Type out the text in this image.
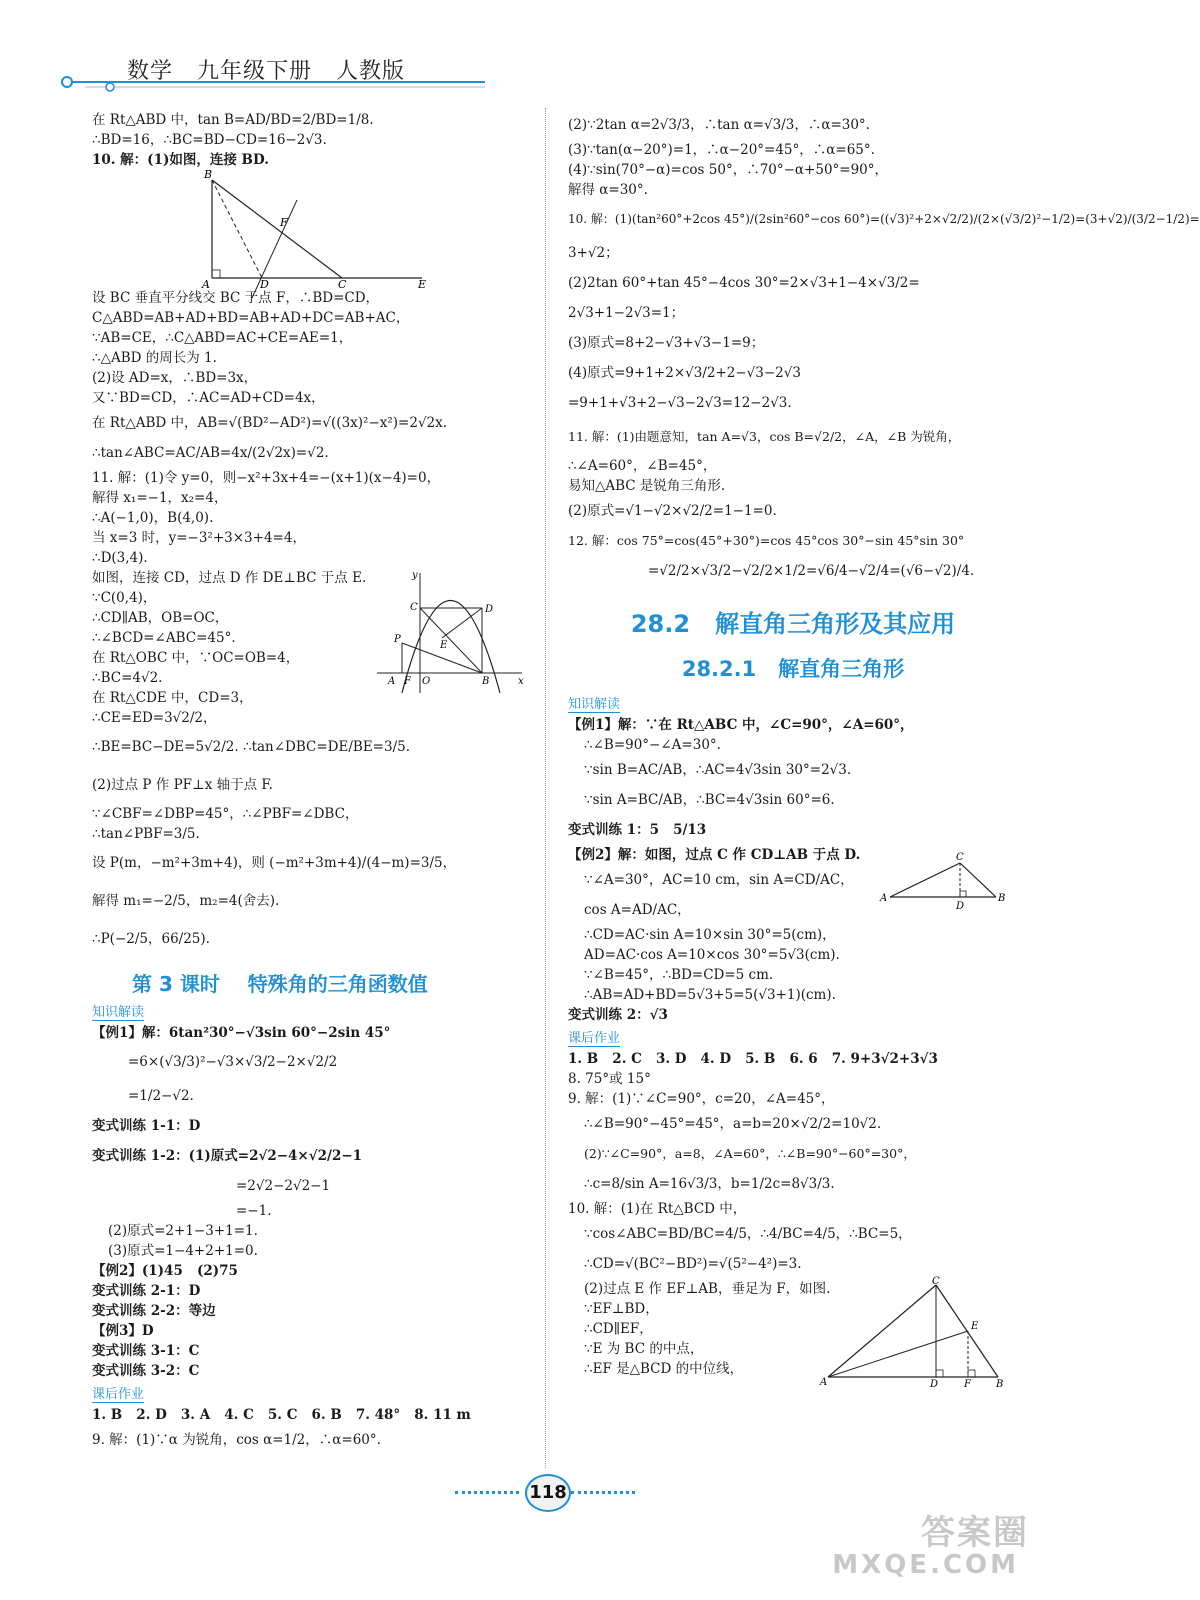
数学   九年级下册   人教版

在 Rt△ABD 中，tan B=AD/BD=2/BD=1/8.

∴BD=16，∴BC=BD−CD=16−2√3.

10. 解：(1)如图，连接 BD.

B
F
A	D	C	E

设 BC 垂直平分线交 BC 于点 F，∴BD=CD，

C△ABD=AB+AD+BD=AB+AD+DC=AB+AC，

∵AB=CE，∴C△ABD=AC+CE=AE=1，

∴△ABD 的周长为 1.

(2)设 AD=x，∴BD=3x，

又∵BD=CD，∴AC=AD+CD=4x，

在 Rt△ABD 中，AB=√(BD²−AD²)=√((3x)²−x²)=2√2x.

∴tan∠ABC=AC/AB=4x/(2√2x)=√2.

11. 解：(1)令 y=0，则−x²+3x+4=−(x+1)(x−4)=0，

解得 x₁=−1，x₂=4，

∴A(−1,0)，B(4,0).

当 x=3 时，y=−3²+3×3+4=4，

∴D(3,4).

如图，连接 CD，过点 D 作 DE⊥BC 于点 E.

∵C(0,4)，

∴CD∥AB，OB=OC，

∴∠BCD=∠ABC=45°.

在 Rt△OBC 中，∵OC=OB=4，

∴BC=4√2.

在 Rt△CDE 中，CD=3，

y
C	D
E
P
A F O	B	x

∴CE=ED=3√2/2，

∴BE=BC−DE=5√2/2. ∴tan∠DBC=DE/BE=3/5.

(2)过点 P 作 PF⊥x 轴于点 F.

∵∠CBF=∠DBP=45°，∴∠PBF=∠DBC，

∴tan∠PBF=3/5.

设 P(m，−m²+3m+4)，则 (−m²+3m+4)/(4−m)=3/5，

解得 m₁=−2/5，m₂=4(舍去).

∴P(−2/5，66/25).

第 3 课时    特殊角的三角函数值
知识解读

【例1】解：6tan²30°−√3sin 60°−2sin 45°

=6×(√3/3)²−√3×√3/2−2×√2/2

=1/2−√2.

变式训练 1-1：D

变式训练 1-2：(1)原式=2√2−4×√2/2−1

=2√2−2√2−1

=−1.

(2)原式=2+1−3+1=1.

(3)原式=1−4+2+1=0.

【例2】(1)45   (2)75

变式训练 2-1：D

变式训练 2-2：等边

【例3】D

变式训练 3-1：C

变式训练 3-2：C

课后作业

1. B   2. D   3. A   4. C   5. C   6. B   7. 48°   8. 11 m

9. 解：(1)∵α 为锐角，cos α=1/2，∴α=60°.

(2)∵2tan α=2√3/3，∴tan α=√3/3，∴α=30°.

(3)∵tan(α−20°)=1，∴α−20°=45°，∴α=65°.

(4)∵sin(70°−α)=cos 50°，∴70°−α+50°=90°，

解得 α=30°.

10. 解：(1)(tan²60°+2cos 45°)/(2sin²60°−cos 60°)=((√3)²+2×√2/2)/(2×(√3/2)²−1/2)=(3+√2)/(3/2−1/2)=

3+√2；

(2)2tan 60°+tan 45°−4cos 30°=2×√3+1−4×√3/2=

2√3+1−2√3=1；

(3)原式=8+2−√3+√3−1=9；

(4)原式=9+1+2×√3/2+2−√3−2√3

=9+1+√3+2−√3−2√3=12−2√3.

11. 解：(1)由题意知，tan A=√3，cos B=√2/2，∠A，∠B 为锐角，

∴∠A=60°，∠B=45°，

易知△ABC 是锐角三角形.

(2)原式=√1−√2×√2/2=1−1=0.

12. 解：cos 75°=cos(45°+30°)=cos 45°cos 30°−sin 45°sin 30°

=√2/2×√3/2−√2/2×1/2=√6/4−√2/4=(√6−√2)/4.

28.2   解直角三角形及其应用
28.2.1   解直角三角形
知识解读

【例1】解：∵在 Rt△ABC 中，∠C=90°，∠A=60°，

∴∠B=90°−∠A=30°.

∵sin B=AC/AB，∴AC=4√3sin 30°=2√3.

∵sin A=BC/AB，∴BC=4√3sin 60°=6.

变式训练 1：5   5/13

【例2】解：如图，过点 C 作 CD⊥AB 于点 D.

∵∠A=30°，AC=10 cm，sin A=CD/AC，

cos A=AD/AC，

C
A
D
B

∴CD=AC·sin A=10×sin 30°=5(cm)，

AD=AC·cos A=10×cos 30°=5√3(cm).

∵∠B=45°，∴BD=CD=5 cm.

∴AB=AD+BD=5√3+5=5(√3+1)(cm).

变式训练 2：√3

课后作业

1. B   2. C   3. D   4. D   5. B   6. 6   7. 9+3√2+3√3

8. 75°或 15°

9. 解：(1)∵∠C=90°，c=20，∠A=45°，

∴∠B=90°−45°=45°，a=b=20×√2/2=10√2.

(2)∵∠C=90°，a=8，∠A=60°，∴∠B=90°−60°=30°，

∴c=8/sin A=16√3/3，b=1/2c=8√3/3.

10. 解：(1)在 Rt△BCD 中，

∵cos∠ABC=BD/BC=4/5，∴4/BC=4/5，∴BC=5，

∴CD=√(BC²−BD²)=√(5²−4²)=3.

(2)过点 E 作 EF⊥AB，垂足为 F，如图.

∵EF⊥BD，

∴CD∥EF，

∵E 为 BC 的中点，

∴EF 是△BCD 的中位线，

C
E
A	D	F	B
118
答案圈
MXQE.COM
